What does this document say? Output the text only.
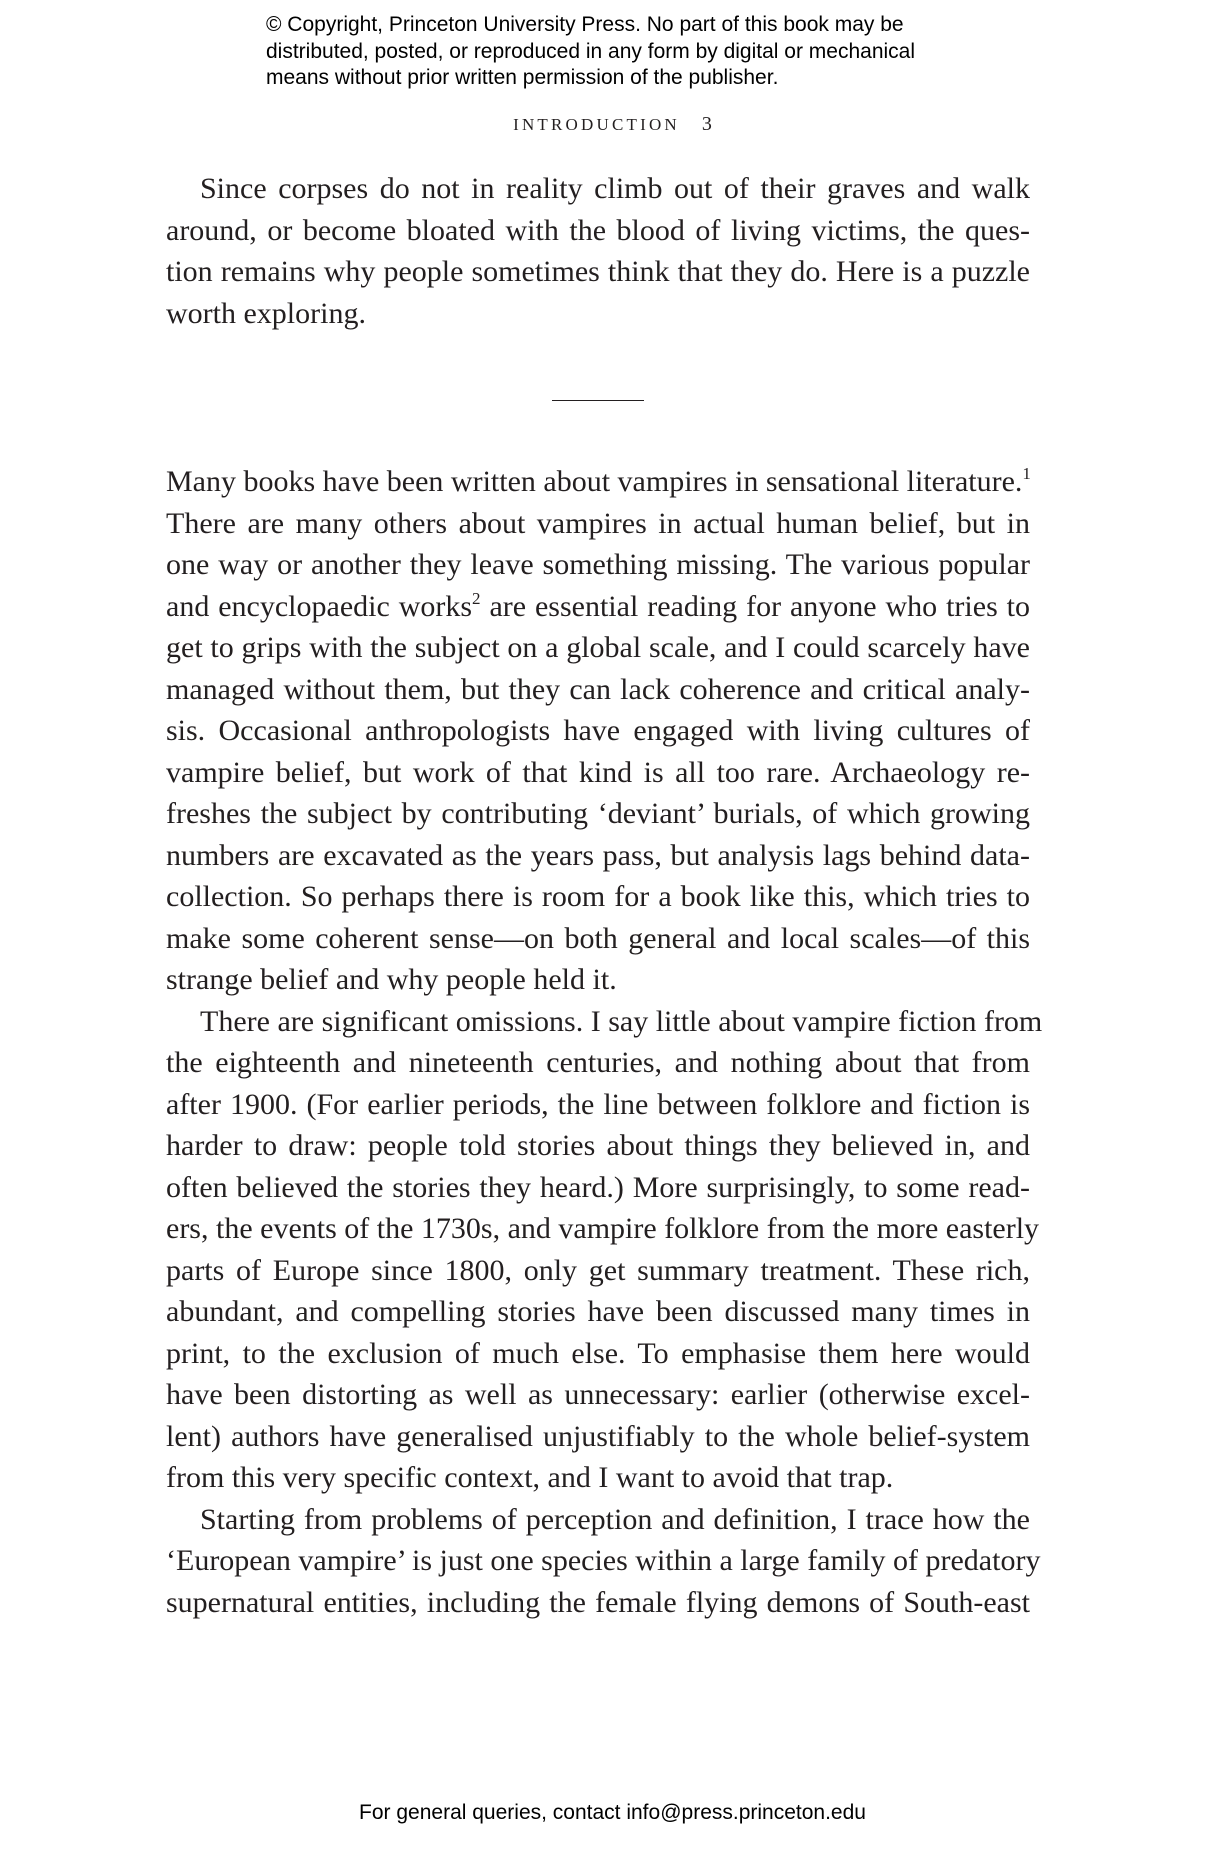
© Copyright, Princeton University Press. No part of this book may be
distributed, posted, or reproduced in any form by digital or mechanical
means without prior written permission of the publisher.
INTRODUCTION 3
Since corpses do not in reality climb out of their graves and walk
around, or become bloated with the blood of living victims, the ques-
tion remains why people sometimes think that they do. Here is a puzzle
worth exploring.
Many books have been written about vampires in sensational literature.$^1$
There are many others about vampires in actual human belief, but in
one way or another they leave something missing. The various popular
and encyclopaedic works$^2$ are essential reading for anyone who tries to
get to grips with the subject on a global scale, and I could scarcely have
managed without them, but they can lack coherence and critical analy-
sis. Occasional anthropologists have engaged with living cultures of
vampire belief, but work of that kind is all too rare. Archaeology re-
freshes the subject by contributing ‘deviant’ burials, of which growing
numbers are excavated as the years pass, but analysis lags behind data-
collection. So perhaps there is room for a book like this, which tries to
make some coherent sense—on both general and local scales—of this
strange belief and why people held it.
There are significant omissions. I say little about vampire fiction from
the eighteenth and nineteenth centuries, and nothing about that from
after 1900. (For earlier periods, the line between folklore and fiction is
harder to draw: people told stories about things they believed in, and
often believed the stories they heard.) More surprisingly, to some read-
ers, the events of the 1730s, and vampire folklore from the more easterly
parts of Europe since 1800, only get summary treatment. These rich,
abundant, and compelling stories have been discussed many times in
print, to the exclusion of much else. To emphasise them here would
have been distorting as well as unnecessary: earlier (otherwise excel-
lent) authors have generalised unjustifiably to the whole belief-system
from this very specific context, and I want to avoid that trap.
Starting from problems of perception and definition, I trace how the
‘European vampire’ is just one species within a large family of predatory
supernatural entities, including the female flying demons of South-east
For general queries, contact info@press.princeton.edu
